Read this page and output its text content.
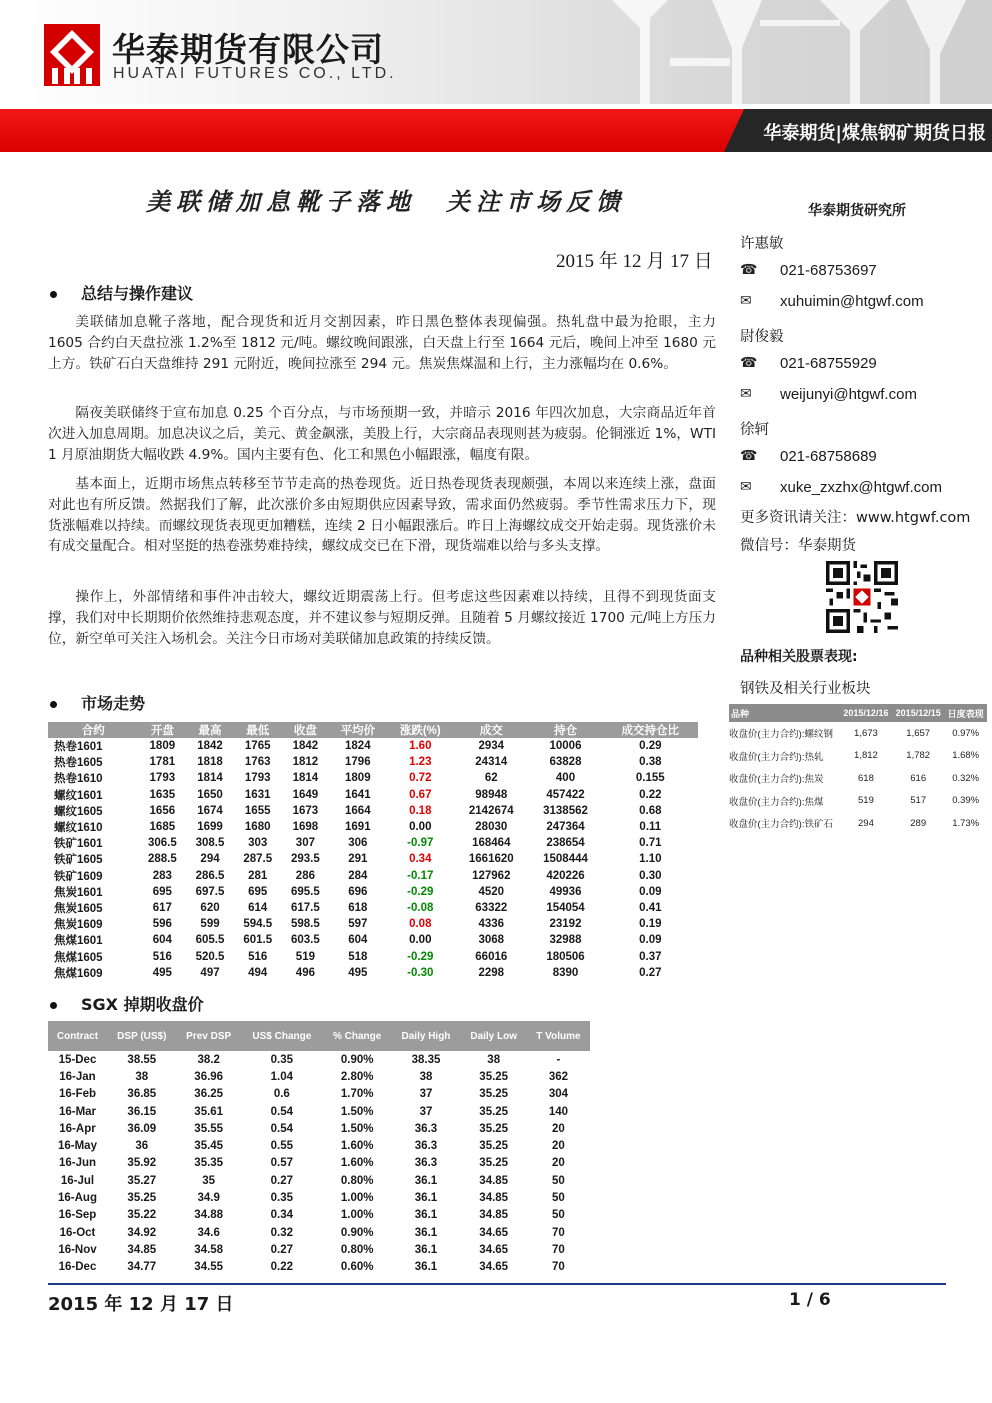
华泰期货有限公司
HUATAI FUTURES CO., LTD.
华泰期货|煤焦钢矿期货日报
美联储加息靴子落地　关注市场反馈
2015 年 12 月 17 日
华泰期货研究所
许惠敏
☎ 021-68753697
✉ xuhuimin@htgwf.com
尉俊毅
☎ 021-68755929
✉ weijunyi@htgwf.com
徐轲
☎ 021-68758689
✉ xuke_zxzhx@htgwf.com
更多资讯请关注：www.htgwf.com
微信号：华泰期货
品种相关股票表现:
钢铁及相关行业板块
品种	2015/12/16	2015/12/15	日度表现
收盘价(主力合约):螺纹钢	1,673	1,657	0.97%
收盘价(主力合约):热轧	1,812	1,782	1.68%
收盘价(主力合约):焦炭	618	616	0.32%
收盘价(主力合约):焦煤	519	517	0.39%
收盘价(主力合约):铁矿石	294	289	1.73%
总结与操作建议
美联储加息靴子落地，配合现货和近月交割因素，昨日黑色整体表现偏强。热轧盘中最为抢眼，主力 1605 合约白天盘拉涨 1.2%至 1812 元/吨。螺纹晚间跟涨，白天盘上行至 1664 元后，晚间上冲至 1680 元上方。铁矿石白天盘维持 291 元附近，晚间拉涨至 294 元。焦炭焦煤温和上行，主力涨幅均在 0.6%。
隔夜美联储终于宣布加息 0.25 个百分点，与市场预期一致，并暗示 2016 年四次加息，大宗商品近年首次进入加息周期。加息决议之后，美元、黄金飙涨，美股上行，大宗商品表现则甚为疲弱。伦铜涨近 1%，WTI 1 月原油期货大幅收跌 4.9%。国内主要有色、化工和黑色小幅跟涨，幅度有限。
基本面上，近期市场焦点转移至节节走高的热卷现货。近日热卷现货表现颇强，本周以来连续上涨，盘面对此也有所反馈。然据我们了解，此次涨价多由短期供应因素导致，需求面仍然疲弱。季节性需求压力下，现货涨幅难以持续。而螺纹现货表现更加糟糕，连续 2 日小幅跟涨后。昨日上海螺纹成交开始走弱。现货涨价未有成交量配合。相对坚挺的热卷涨势难持续，螺纹成交已在下滑，现货端难以给与多头支撑。
操作上，外部情绪和事件冲击较大，螺纹近期震荡上行。但考虑这些因素难以持续，且得不到现货面支撑，我们对中长期期价依然维持悲观态度，并不建议参与短期反弹。且随着 5 月螺纹接近 1700 元/吨上方压力位，新空单可关注入场机会。关注今日市场对美联储加息政策的持续反馈。
市场走势
合约	开盘	最高	最低	收盘	平均价	涨跌(%)	成交	持仓	成交持仓比
热卷1601	1809	1842	1765	1842	1824	1.60	2934	10006	0.29
热卷1605	1781	1818	1763	1812	1796	1.23	24314	63828	0.38
热卷1610	1793	1814	1793	1814	1809	0.72	62	400	0.155
螺纹1601	1635	1650	1631	1649	1641	0.67	98948	457422	0.22
螺纹1605	1656	1674	1655	1673	1664	0.18	2142674	3138562	0.68
螺纹1610	1685	1699	1680	1698	1691	0.00	28030	247364	0.11
铁矿1601	306.5	308.5	303	307	306	-0.97	168464	238654	0.71
铁矿1605	288.5	294	287.5	293.5	291	0.34	1661620	1508444	1.10
铁矿1609	283	286.5	281	286	284	-0.17	127962	420226	0.30
焦炭1601	695	697.5	695	695.5	696	-0.29	4520	49936	0.09
焦炭1605	617	620	614	617.5	618	-0.08	63322	154054	0.41
焦炭1609	596	599	594.5	598.5	597	0.08	4336	23192	0.19
焦煤1601	604	605.5	601.5	603.5	604	0.00	3068	32988	0.09
焦煤1605	516	520.5	516	519	518	-0.29	66016	180506	0.37
焦煤1609	495	497	494	496	495	-0.30	2298	8390	0.27
SGX 掉期收盘价
Contract	DSP (US$)	Prev DSP	US$ Change	% Change	Daily High	Daily Low	T Volume
15-Dec	38.55	38.2	0.35	0.90%	38.35	38	-
16-Jan	38	36.96	1.04	2.80%	38	35.25	362
16-Feb	36.85	36.25	0.6	1.70%	37	35.25	304
16-Mar	36.15	35.61	0.54	1.50%	37	35.25	140
16-Apr	36.09	35.55	0.54	1.50%	36.3	35.25	20
16-May	36	35.45	0.55	1.60%	36.3	35.25	20
16-Jun	35.92	35.35	0.57	1.60%	36.3	35.25	20
16-Jul	35.27	35	0.27	0.80%	36.1	34.85	50
16-Aug	35.25	34.9	0.35	1.00%	36.1	34.85	50
16-Sep	35.22	34.88	0.34	1.00%	36.1	34.85	50
16-Oct	34.92	34.6	0.32	0.90%	36.1	34.65	70
16-Nov	34.85	34.58	0.27	0.80%	36.1	34.65	70
16-Dec	34.77	34.55	0.22	0.60%	36.1	34.65	70
2015 年 12 月 17 日	1 / 6
